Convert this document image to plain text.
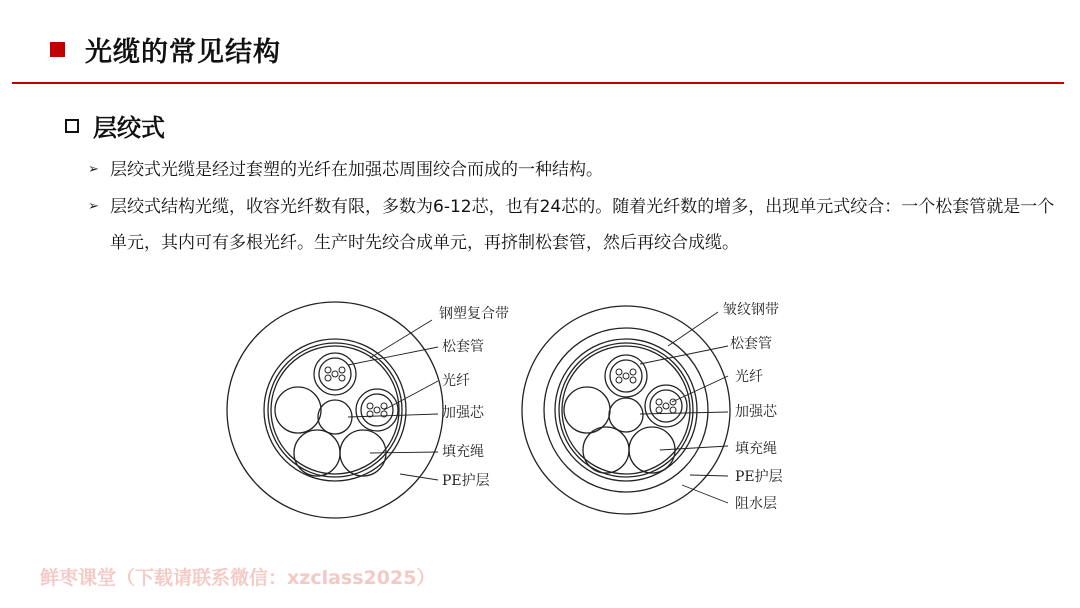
光缆的常见结构
层绞式
➢ 层绞式光缆是经过套塑的光纤在加强芯周围绞合而成的一种结构。
➢ 层绞式结构光缆，收容光纤数有限，多数为6-12芯，也有24芯的。随着光纤数的增多，出现单元式绞合：一个松套管就是一个单元，其内可有多根光纤。生产时先绞合成单元，再挤制松套管，然后再绞合成缆。
钢塑复合带
松套管
光纤
加强芯
填充绳
PE护层
皱纹钢带
松套管
光纤
加强芯
填充绳
PE护层
阻水层
鲜枣课堂（下载请联系微信：xzclass2025）
